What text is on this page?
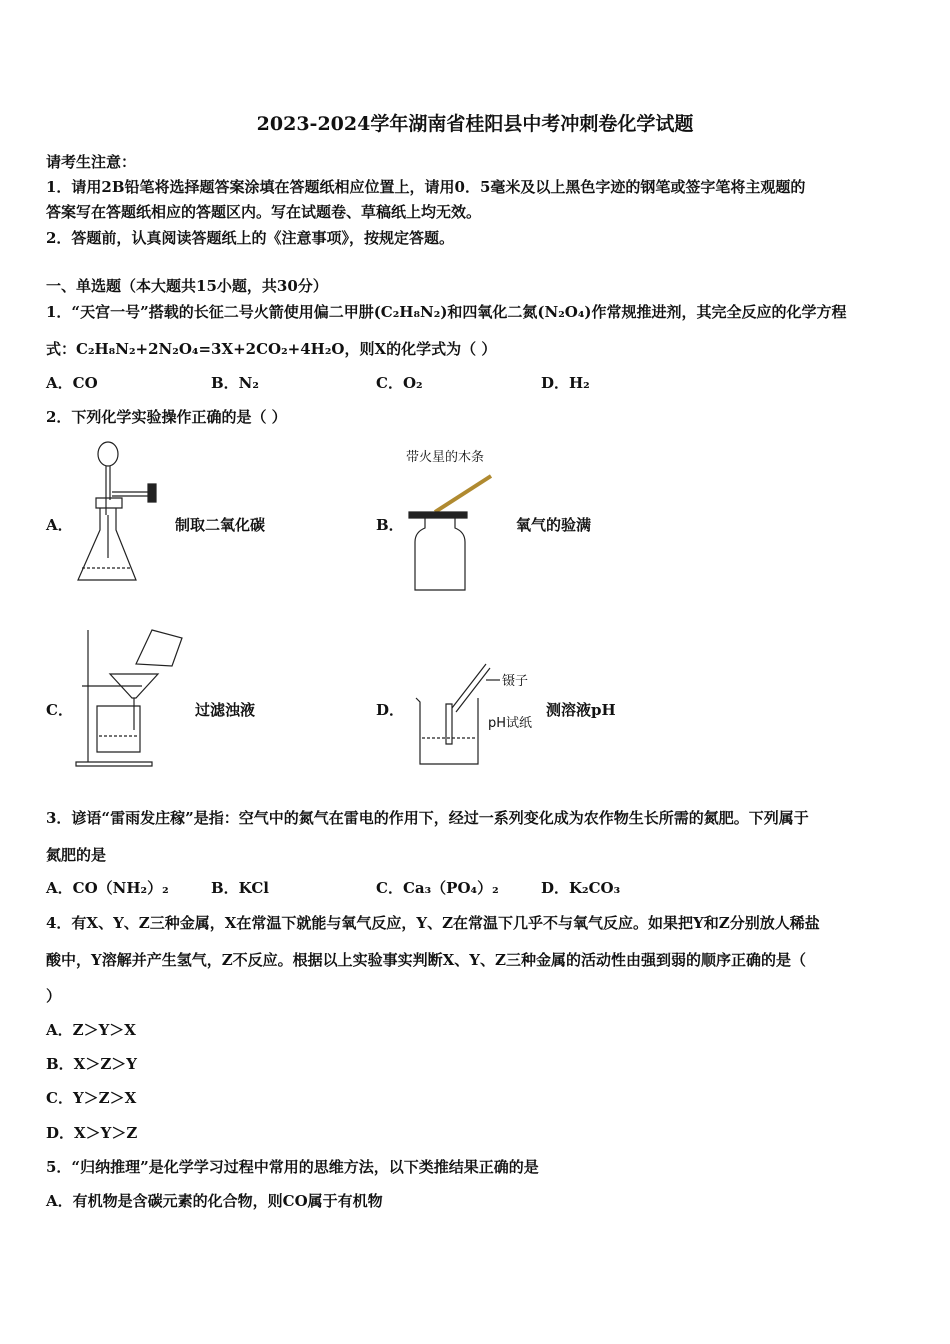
2023-2024学年湖南省桂阳县中考冲刺卷化学试题
请考生注意：
1．请用2B铅笔将选择题答案涂填在答题纸相应位置上，请用0．5毫米及以上黑色字迹的钢笔或签字笔将主观题的
答案写在答题纸相应的答题区内。写在试题卷、草稿纸上均无效。
2．答题前，认真阅读答题纸上的《注意事项》，按规定答题。
一、单选题（本大题共15小题，共30分）
1．“天宫一号”搭载的长征二号火箭使用偏二甲肼(C₂H₈N₂)和四氧化二氮(N₂O₄)作常规推进剂，其完全反应的化学方程
式：C₂H₈N₂+2N₂O₄=3X+2CO₂+4H₂O，则X的化学式为（ ）
A．CO	B．N₂	C．O₂	D．H₂
2．下列化学实验操作正确的是（ ）
A．	制取二氧化碳	B．
带火星的木条
氧气的验满
C．	过滤浊液	D．
镊子
pH试纸
测溶液pH
3．谚语“雷雨发庄稼”是指：空气中的氮气在雷电的作用下，经过一系列变化成为农作物生长所需的氮肥。下列属于
氮肥的是
A．CO（NH₂）₂	B．KCl	C．Ca₃（PO₄）₂	D．K₂CO₃
4．有X、Y、Z三种金属，X在常温下就能与氧气反应，Y、Z在常温下几乎不与氧气反应。如果把Y和Z分别放人稀盐
酸中，Y溶解并产生氢气，Z不反应。根据以上实验事实判断X、Y、Z三种金属的活动性由强到弱的顺序正确的是（
）
A．Z＞Y＞X
B．X＞Z＞Y
C．Y＞Z＞X
D．X＞Y＞Z
5．“归纳推理”是化学学习过程中常用的思维方法，以下类推结果正确的是
A．有机物是含碳元素的化合物，则CO属于有机物
